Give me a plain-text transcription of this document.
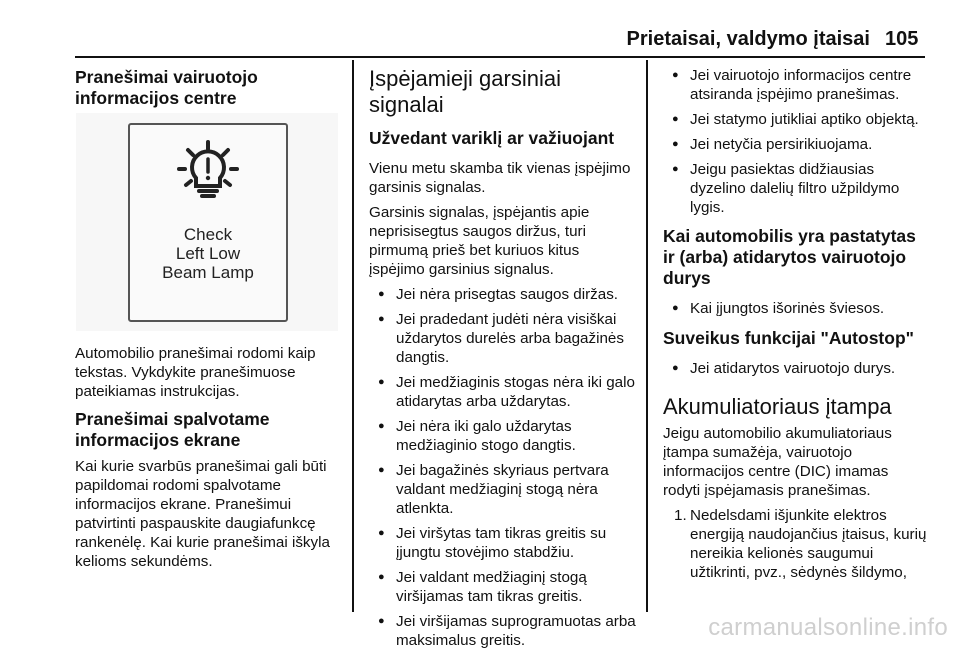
Prietaisai, valdymo įtaisai 105
Pranešimai vairuotojo informacijos centre
Check
Left Low
Beam Lamp

Automobilio pranešimai rodomi kaip tekstas. Vykdykite pranešimuose pateikiamas instrukcijas.

Pranešimai spalvotame informacijos ekrane

Kai kurie svarbūs pranešimai gali būti papildomai rodomi spalvotame informacijos ekrane. Pranešimui patvirtinti paspauskite daugiafunkcę rankenėlę. Kai kurie pranešimai iškyla kelioms sekundėms.

Įspėjamieji garsiniai signalai
Užvedant variklį ar važiuojant

Vienu metu skamba tik vienas įspėjimo garsinis signalas.

Garsinis signalas, įspėjantis apie neprisisegtus saugos diržus, turi pirmumą prieš bet kuriuos kitus įspėjimo garsinius signalus.

● Jei nėra prisegtas saugos diržas.

● Jei pradedant judėti nėra visiškai uždarytos durelės arba bagažinės dangtis.

● Jei medžiaginis stogas nėra iki galo atidarytas arba uždarytas.

● Jei nėra iki galo uždarytas medžiaginio stogo dangtis.

● Jei bagažinės skyriaus pertvara valdant medžiaginį stogą nėra atlenkta.

● Jei viršytas tam tikras greitis su įjungtu stovėjimo stabdžiu.

● Jei valdant medžiaginį stogą viršijamas tam tikras greitis.

● Jei viršijamas suprogramuotas arba maksimalus greitis.

● Jei vairuotojo informacijos centre atsiranda įspėjimo pranešimas.

● Jei statymo jutikliai aptiko objektą.

● Jei netyčia persirikiuojama.

● Jeigu pasiektas didžiausias dyzelino dalelių filtro užpildymo lygis.

Kai automobilis yra pastatytas ir (arba) atidarytos vairuotojo durys

● Kai įjungtos išorinės šviesos.

Suveikus funkcijai "Autostop"

● Jei atidarytos vairuotojo durys.

Akumuliatoriaus įtampa

Jeigu automobilio akumuliatoriaus įtampa sumažėja, vairuotojo informacijos centre (DIC) imamas rodyti įspėjamasis pranešimas.

1. Nedelsdami išjunkite elektros energiją naudojančius įtaisus, kurių nereikia kelionės saugumui užtikrinti, pvz., sėdynės šildymo,

carmanualsonline.info
